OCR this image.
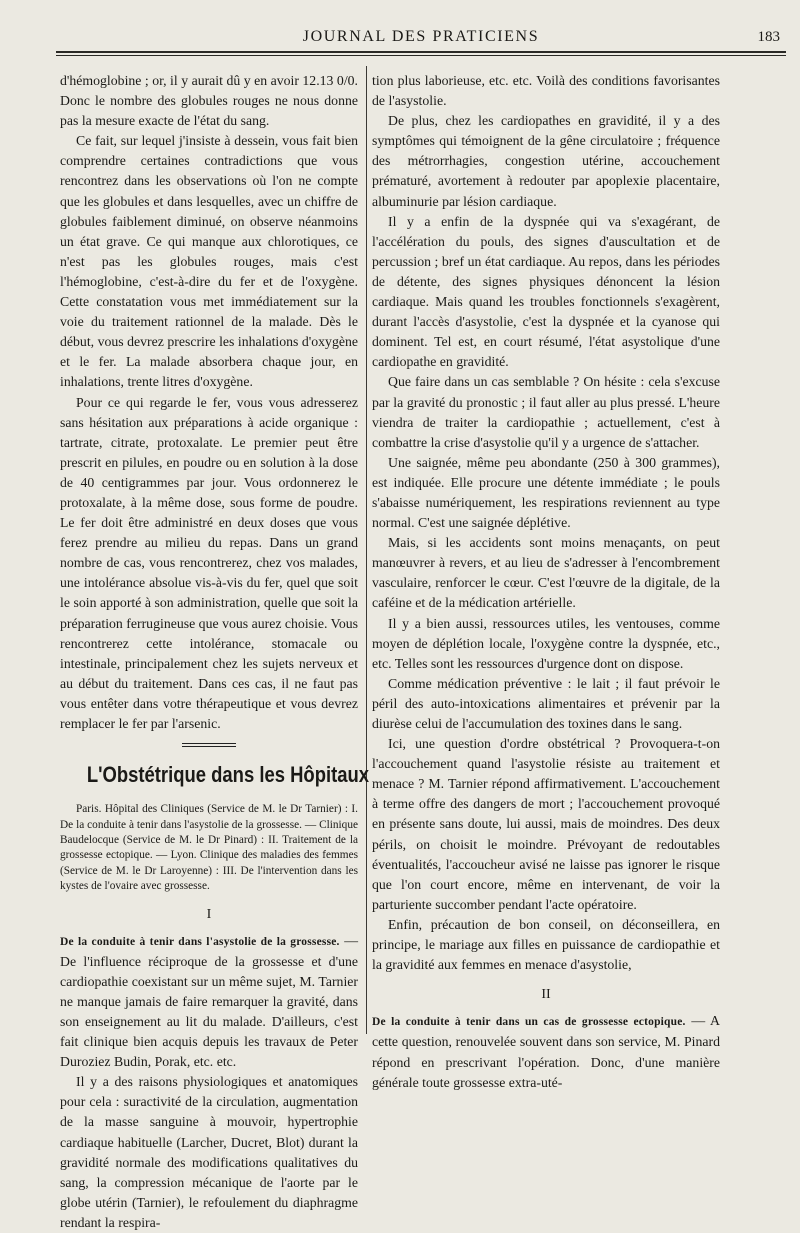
JOURNAL DES PRATICIENS	183

d'hémoglobine ; or, il y aurait dû y en avoir 12.13 0/0. Donc le nombre des globules rouges ne nous donne pas la mesure exacte de l'état du sang.

Ce fait, sur lequel j'insiste à dessein, vous fait bien comprendre certaines contradictions que vous rencontrez dans les observations où l'on ne compte que les globules et dans lesquelles, avec un chiffre de globules faiblement diminué, on observe néanmoins un état grave. Ce qui manque aux chlorotiques, ce n'est pas les globules rouges, mais c'est l'hémoglobine, c'est-à-dire du fer et de l'oxygène. Cette constatation vous met immédiatement sur la voie du traitement rationnel de la malade. Dès le début, vous devrez prescrire les inhalations d'oxygène et le fer. La malade absorbera chaque jour, en inhalations, trente litres d'oxygène.

Pour ce qui regarde le fer, vous vous adresserez sans hésitation aux préparations à acide organique : tartrate, citrate, protoxalate. Le premier peut être prescrit en pilules, en poudre ou en solution à la dose de 40 centigrammes par jour. Vous ordonnerez le protoxalate, à la même dose, sous forme de poudre. Le fer doit être administré en deux doses que vous ferez prendre au milieu du repas. Dans un grand nombre de cas, vous rencontrerez, chez vos malades, une intolérance absolue vis-à-vis du fer, quel que soit le soin apporté à son administration, quelle que soit la préparation ferrugineuse que vous aurez choisie. Vous rencontrerez cette intolérance, stomacale ou intestinale, principalement chez les sujets nerveux et au début du traitement. Dans ces cas, il ne faut pas vous entêter dans votre thérapeutique et vous devrez remplacer le fer par l'arsenic.

L'Obstétrique dans les Hôpitaux

Paris. Hôpital des Cliniques (Service de M. le Dr Tarnier) : I. De la conduite à tenir dans l'asystolie de la grossesse. — Clinique Baudelocque (Service de M. le Dr Pinard) : II. Traitement de la grossesse ectopique. — Lyon. Clinique des maladies des femmes (Service de M. le Dr Laroyenne) : III. De l'intervention dans les kystes de l'ovaire avec grossesse.

I

De la conduite à tenir dans l'asystolie de la grossesse. — De l'influence réciproque de la grossesse et d'une cardiopathie coexistant sur un même sujet, M. Tarnier ne manque jamais de faire remarquer la gravité, dans son enseignement au lit du malade. D'ailleurs, c'est fait clinique bien acquis depuis les travaux de Peter Duroziez Budin, Porak, etc. etc.

Il y a des raisons physiologiques et anatomiques pour cela : suractivité de la circulation, augmentation de la masse sanguine à mouvoir, hypertrophie cardiaque habituelle (Larcher, Ducret, Blot) durant la gravidité normale des modifications qualitatives du sang, la compression mécanique de l'aorte par le globe utérin (Tarnier), le refoulement du diaphragme rendant la respira-

tion plus laborieuse, etc. etc. Voilà des conditions favorisantes de l'asystolie.

De plus, chez les cardiopathes en gravidité, il y a des symptômes qui témoignent de la gêne circulatoire ; fréquence des métrorrhagies, congestion utérine, accouchement prématuré, avortement à redouter par apoplexie placentaire, albuminurie par lésion cardiaque.

Il y a enfin de la dyspnée qui va s'exagérant, de l'accélération du pouls, des signes d'auscultation et de percussion ; bref un état cardiaque. Au repos, dans les périodes de détente, des signes physiques dénoncent la lésion cardiaque. Mais quand les troubles fonctionnels s'exagèrent, durant l'accès d'asystolie, c'est la dyspnée et la cyanose qui dominent. Tel est, en court résumé, l'état asystolique d'une cardiopathe en gravidité.

Que faire dans un cas semblable ? On hésite : cela s'excuse par la gravité du pronostic ; il faut aller au plus pressé. L'heure viendra de traiter la cardiopathie ; actuellement, c'est à combattre la crise d'asystolie qu'il y a urgence de s'attacher.

Une saignée, même peu abondante (250 à 300 grammes), est indiquée. Elle procure une détente immédiate ; le pouls s'abaisse numériquement, les respirations reviennent au type normal. C'est une saignée déplétive.

Mais, si les accidents sont moins menaçants, on peut manœuvrer à revers, et au lieu de s'adresser à l'encombrement vasculaire, renforcer le cœur. C'est l'œuvre de la digitale, de la caféine et de la médication artérielle.

Il y a bien aussi, ressources utiles, les ventouses, comme moyen de déplétion locale, l'oxygène contre la dyspnée, etc., etc. Telles sont les ressources d'urgence dont on dispose.

Comme médication préventive : le lait ; il faut prévoir le péril des auto-intoxications alimentaires et prévenir par la diurèse celui de l'accumulation des toxines dans le sang.

Ici, une question d'ordre obstétrical ? Provoquera-t-on l'accouchement quand l'asystolie résiste au traitement et menace ? M. Tarnier répond affirmativement. L'accouchement à terme offre des dangers de mort ; l'accouchement provoqué en présente sans doute, lui aussi, mais de moindres. Des deux périls, on choisit le moindre. Prévoyant de redoutables éventualités, l'accoucheur avisé ne laisse pas ignorer le risque que l'on court encore, même en intervenant, de voir la parturiente succomber pendant l'acte opératoire.

Enfin, précaution de bon conseil, on déconseillera, en principe, le mariage aux filles en puissance de cardiopathie et la gravidité aux femmes en menace d'asystolie,

II

De la conduite à tenir dans un cas de grossesse ectopique. — A cette question, renouvelée souvent dans son service, M. Pinard répond en prescrivant l'opération. Donc, d'une manière générale toute grossesse extra-uté-
